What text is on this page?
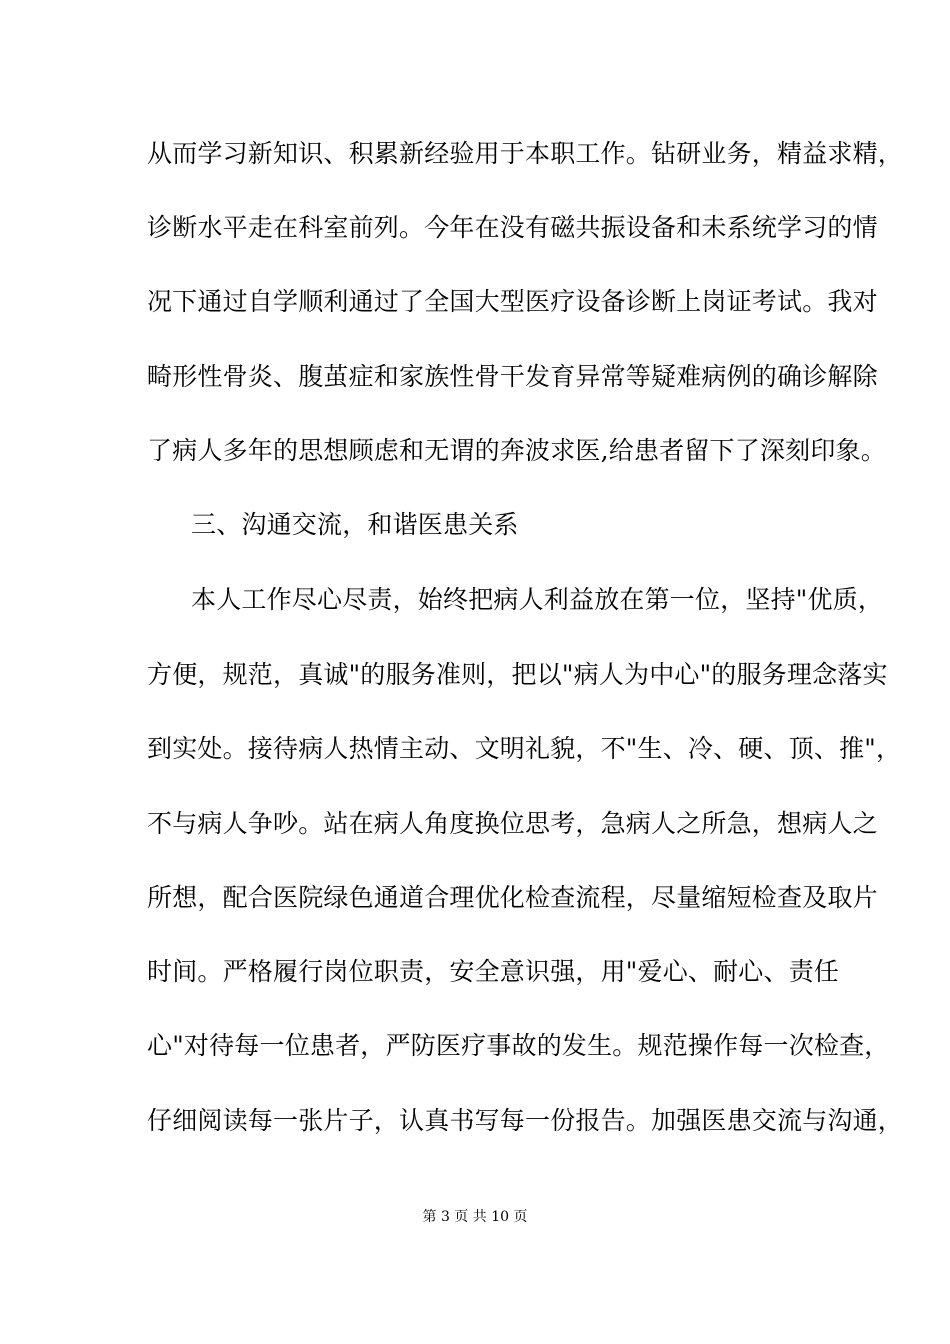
从而学习新知识、积累新经验用于本职工作。钻研业务，精益求精，
诊断水平走在科室前列。今年在没有磁共振设备和未系统学习的情
况下通过自学顺利通过了全国大型医疗设备诊断上岗证考试。我对
畸形性骨炎、腹茧症和家族性骨干发育异常等疑难病例的确诊解除
了病人多年的思想顾虑和无谓的奔波求医,给患者留下了深刻印象。
三、沟通交流，和谐医患关系
本人工作尽心尽责，始终把病人利益放在第一位，坚持"优质，
方便，规范，真诚"的服务准则，把以"病人为中心"的服务理念落实
到实处。接待病人热情主动、文明礼貌，不"生、冷、硬、顶、推"，
不与病人争吵。站在病人角度换位思考，急病人之所急，想病人之
所想，配合医院绿色通道合理优化检查流程，尽量缩短检查及取片
时间。严格履行岗位职责，安全意识强，用"爱心、耐心、责任
心"对待每一位患者，严防医疗事故的发生。规范操作每一次检查，
仔细阅读每一张片子，认真书写每一份报告。加强医患交流与沟通，
第 3 页 共 10 页
